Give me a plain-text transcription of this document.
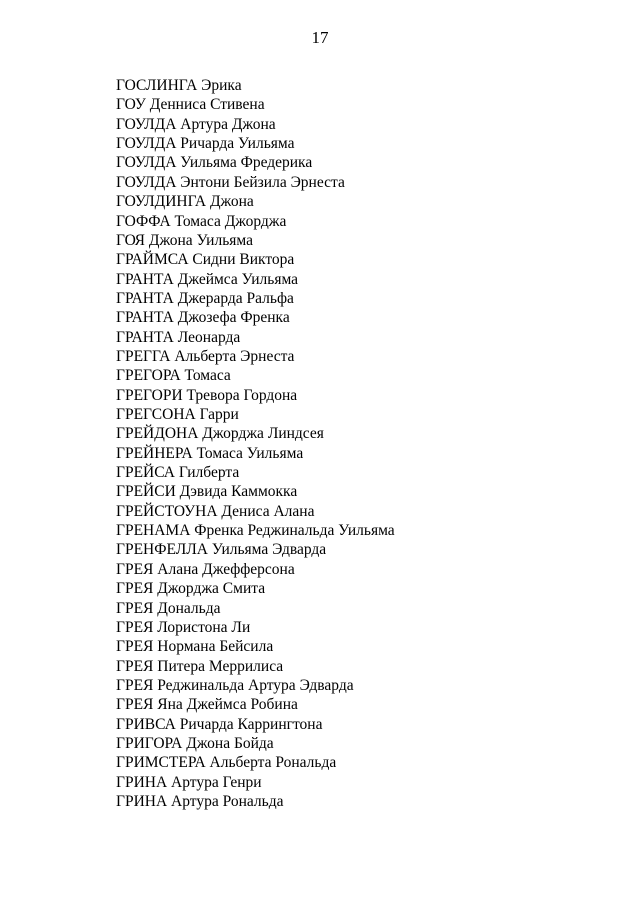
17
ГОСЛИНГА Эрика
ГОУ Денниса Стивена
ГОУЛДА Артура Джона
ГОУЛДА Ричарда Уильяма
ГОУЛДА Уильяма Фредерика
ГОУЛДА Энтони Бейзила Эрнеста
ГОУЛДИНГА Джона
ГОФФА Томаса Джорджа
ГОЯ Джона Уильяма
ГРАЙМСА Сидни Виктора
ГРАНТА Джеймса Уильяма
ГРАНТА Джерарда Ральфа
ГРАНТА Джозефа Френка
ГРАНТА Леонарда
ГРЕГГА Альберта Эрнеста
ГРЕГОРА Томаса
ГРЕГОРИ Тревора Гордона
ГРЕГСОНА Гарри
ГРЕЙДОНА Джорджа Линдсея
ГРЕЙНЕРА Томаса Уильяма
ГРЕЙСА Гилберта
ГРЕЙСИ Дэвида Каммокка
ГРЕЙСТОУНА Дениса Алана
ГРЕНАМА Френка Реджинальда Уильяма
ГРЕНФЕЛЛА Уильяма Эдварда
ГРЕЯ Алана Джефферсона
ГРЕЯ Джорджа Смита
ГРЕЯ Дональда
ГРЕЯ Лористона Ли
ГРЕЯ Нормана Бейсила
ГРЕЯ Питера Меррилиса
ГРЕЯ Реджинальда Артура Эдварда
ГРЕЯ Яна Джеймса Робина
ГРИВСА Ричарда Каррингтона
ГРИГОРА Джона Бойда
ГРИМСТЕРА Альберта Рональда
ГРИНА Артура Генри
ГРИНА Артура Рональда
